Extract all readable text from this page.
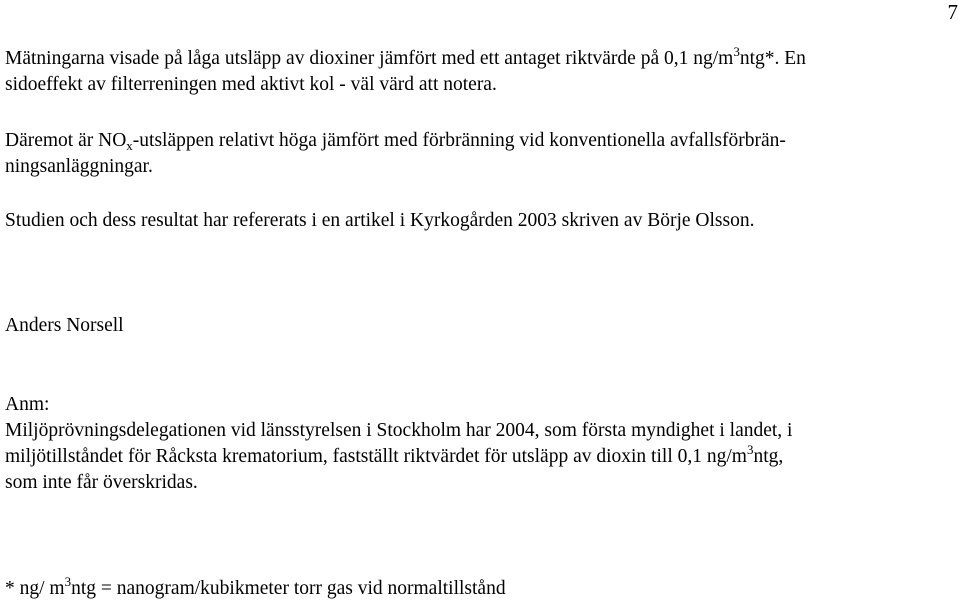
7

Mätningarna visade på låga utsläpp av dioxiner jämfört med ett antaget riktvärde på 0,1 $ng/m^3ntg*$. En
sidoeffekt av filterreningen med aktivt kol - väl värd att notera.

Däremot är $NO_x$-utsläppen relativt höga jämfört med förbränning vid konventionella avfallsförbrän-
ningsanläggningar.

Studien och dess resultat har refererats i en artikel i Kyrkogården 2003 skriven av Börje Olsson.

Anders Norsell

Anm:
Miljöprövningsdelegationen vid länsstyrelsen i Stockholm har 2004, som första myndighet i landet, i
miljötillståndet för Råcksta krematorium, fastställt riktvärdet för utsläpp av dioxin till 0,1 $ng/m^3ntg$,
som inte får överskridas.

* ng/ $m^3ntg$ = nanogram/kubikmeter torr gas vid normaltillstånd
